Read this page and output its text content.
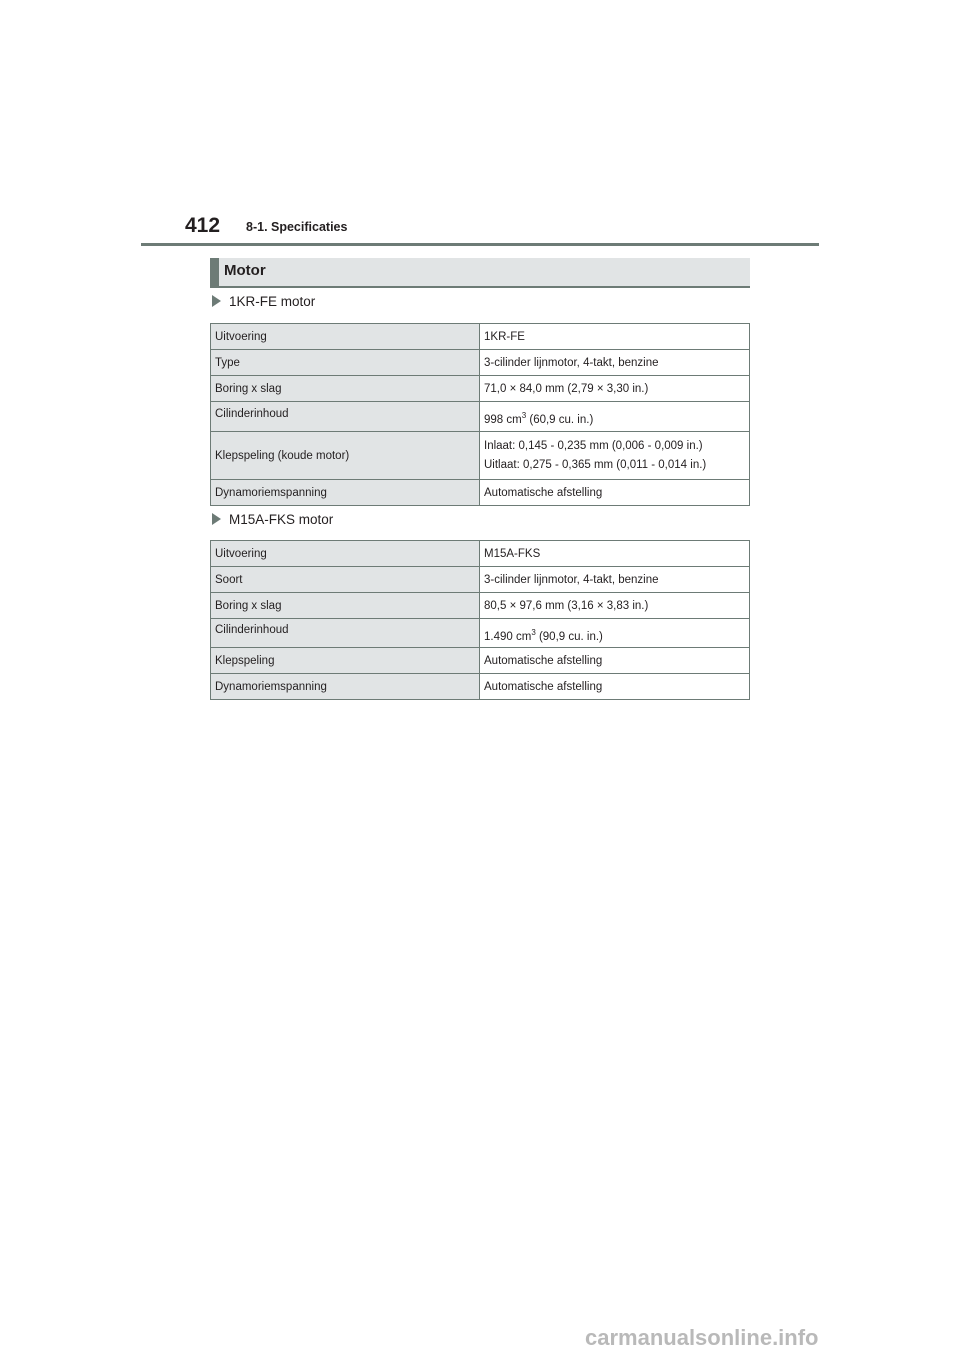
412 8-1. Specificaties
Motor
1KR-FE motor
Uitvoering	1KR-FE
Type	3-cilinder lijnmotor, 4-takt, benzine
Boring x slag	71,0 × 84,0 mm (2,79 × 3,30 in.)
Cilinderinhoud	998 $cm^3$ (60,9 cu. in.)
Klepspeling (koude motor)	Inlaat: 0,145 - 0,235 mm (0,006 - 0,009 in.)
Uitlaat: 0,275 - 0,365 mm (0,011 - 0,014 in.)

Dynamoriemspanning	Automatische afstelling
M15A-FKS motor
Uitvoering	M15A-FKS
Soort	3-cilinder lijnmotor, 4-takt, benzine
Boring x slag	80,5 × 97,6 mm (3,16 × 3,83 in.)
Cilinderinhoud	1.490 $cm^3$ (90,9 cu. in.)
Klepspeling	Automatische afstelling
Dynamoriemspanning	Automatische afstelling
carmanualsonline.info
